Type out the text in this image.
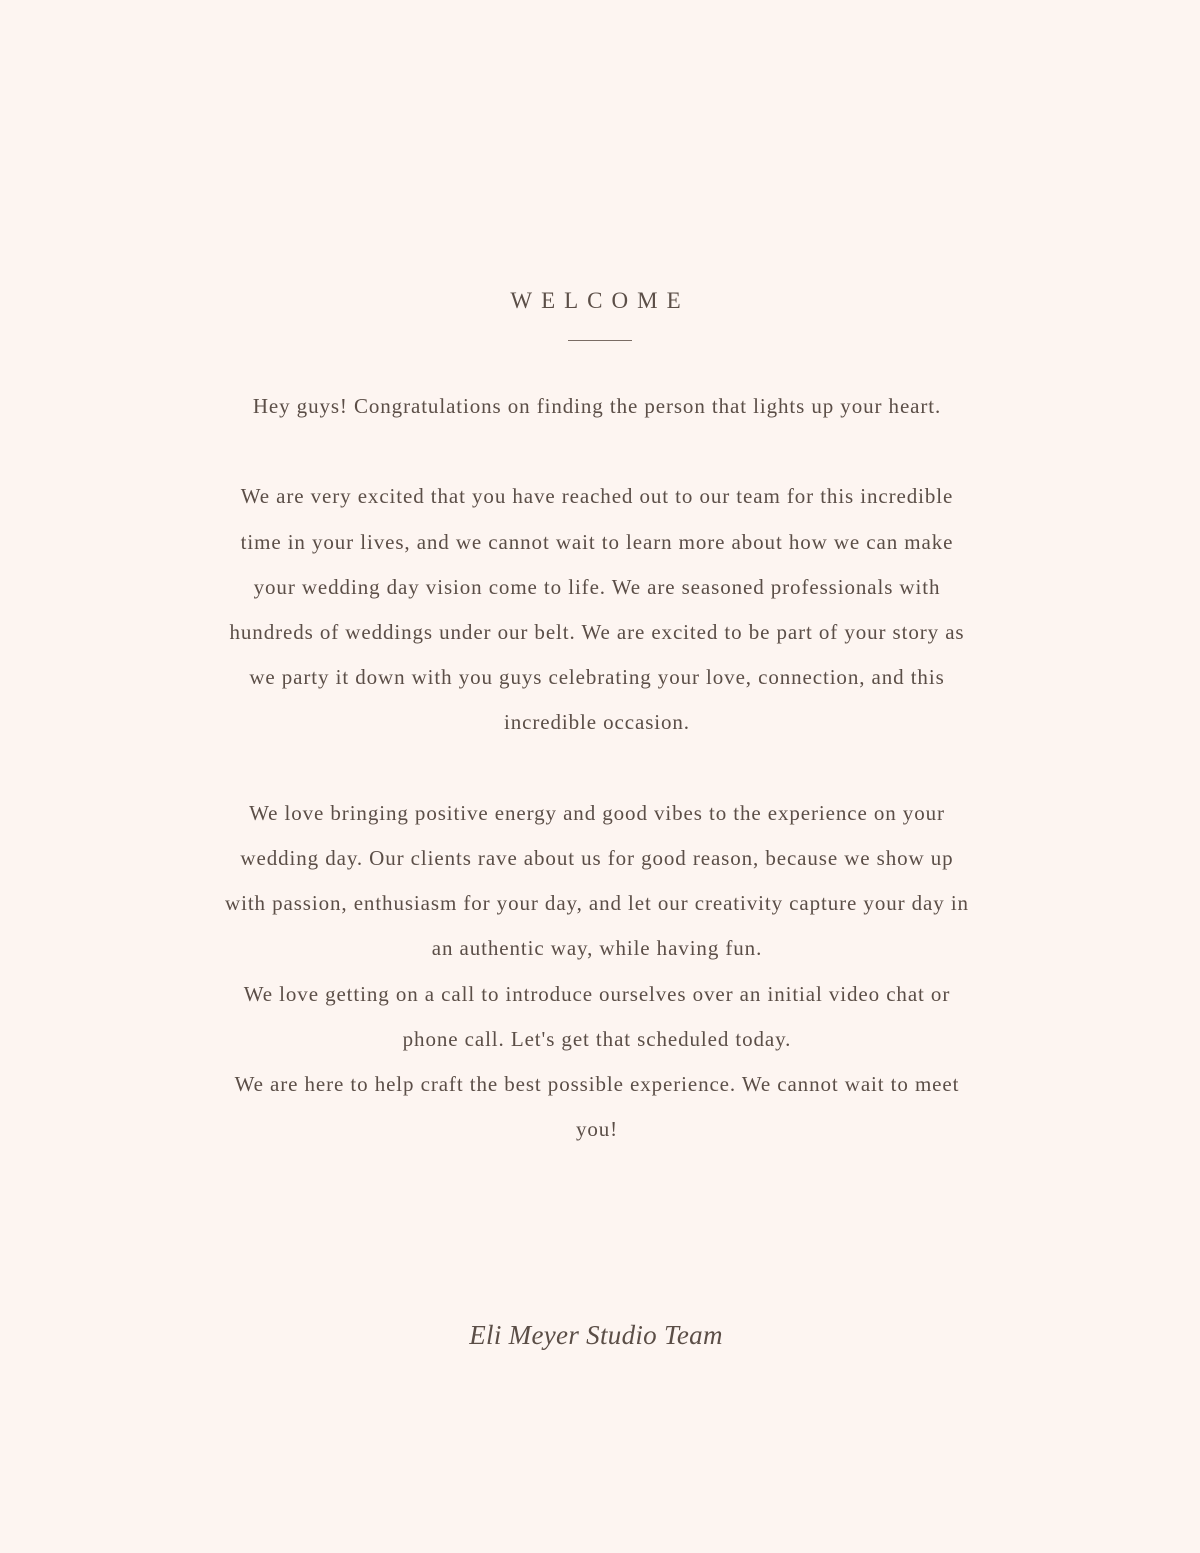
WELCOME

Hey guys! Congratulations on finding the person that lights up your heart.

We are very excited that you have reached out to our team for this incredible time in your lives, and we cannot wait to learn more about how we can make your wedding day vision come to life. We are seasoned professionals with hundreds of weddings under our belt. We are excited to be part of your story as we party it down with you guys celebrating your love, connection, and this incredible occasion.

We love bringing positive energy and good vibes to the experience on your wedding day. Our clients rave about us for good reason, because we show up with passion, enthusiasm for your day, and let our creativity capture your day in an authentic way, while having fun.

We love getting on a call to introduce ourselves over an initial video chat or phone call. Let's get that scheduled today.

We are here to help craft the best possible experience. We cannot wait to meet you!

Eli Meyer Studio Team
